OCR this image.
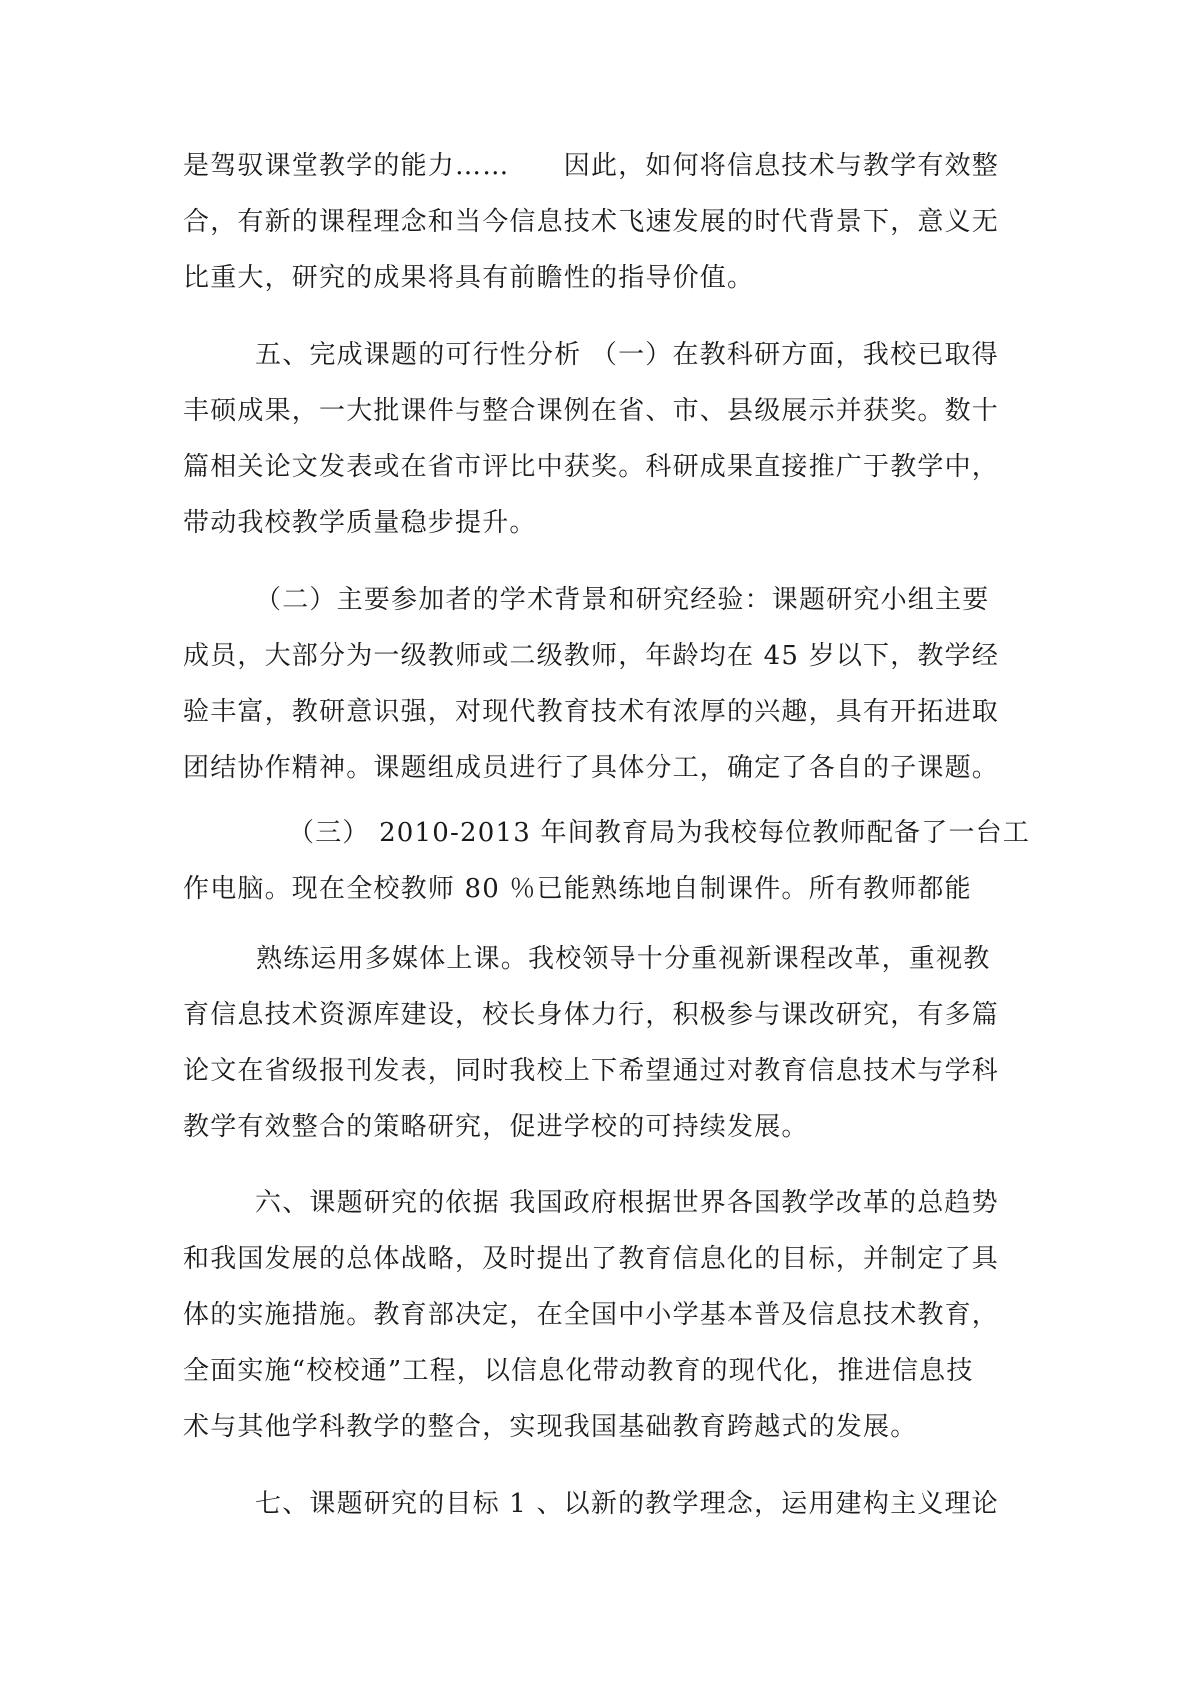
是驾驭课堂教学的能力……　　因此，如何将信息技术与教学有效整
合，有新的课程理念和当今信息技术飞速发展的时代背景下，意义无
比重大，研究的成果将具有前瞻性的指导价值。
五、完成课题的可行性分析 （一）在教科研方面，我校已取得
丰硕成果，一大批课件与整合课例在省、市、县级展示并获奖。数十
篇相关论文发表或在省市评比中获奖。科研成果直接推广于教学中，
带动我校教学质量稳步提升。
（二）主要参加者的学术背景和研究经验：课题研究小组主要
成员，大部分为一级教师或二级教师，年龄均在 45 岁以下，教学经
验丰富，教研意识强，对现代教育技术有浓厚的兴趣，具有开拓进取
团结协作精神。课题组成员进行了具体分工，确定了各自的子课题。
（三） 2010-2013 年间教育局为我校每位教师配备了一台工
作电脑。现在全校教师 80 ％已能熟练地自制课件。所有教师都能
熟练运用多媒体上课。我校领导十分重视新课程改革，重视教
育信息技术资源库建设，校长身体力行，积极参与课改研究，有多篇
论文在省级报刊发表，同时我校上下希望通过对教育信息技术与学科
教学有效整合的策略研究，促进学校的可持续发展。
六、课题研究的依据 我国政府根据世界各国教学改革的总趋势
和我国发展的总体战略，及时提出了教育信息化的目标，并制定了具
体的实施措施。教育部决定，在全国中小学基本普及信息技术教育，
全面实施“校校通”工程，以信息化带动教育的现代化，推进信息技
术与其他学科教学的整合，实现我国基础教育跨越式的发展。
七、课题研究的目标 1 、以新的教学理念，运用建构主义理论
